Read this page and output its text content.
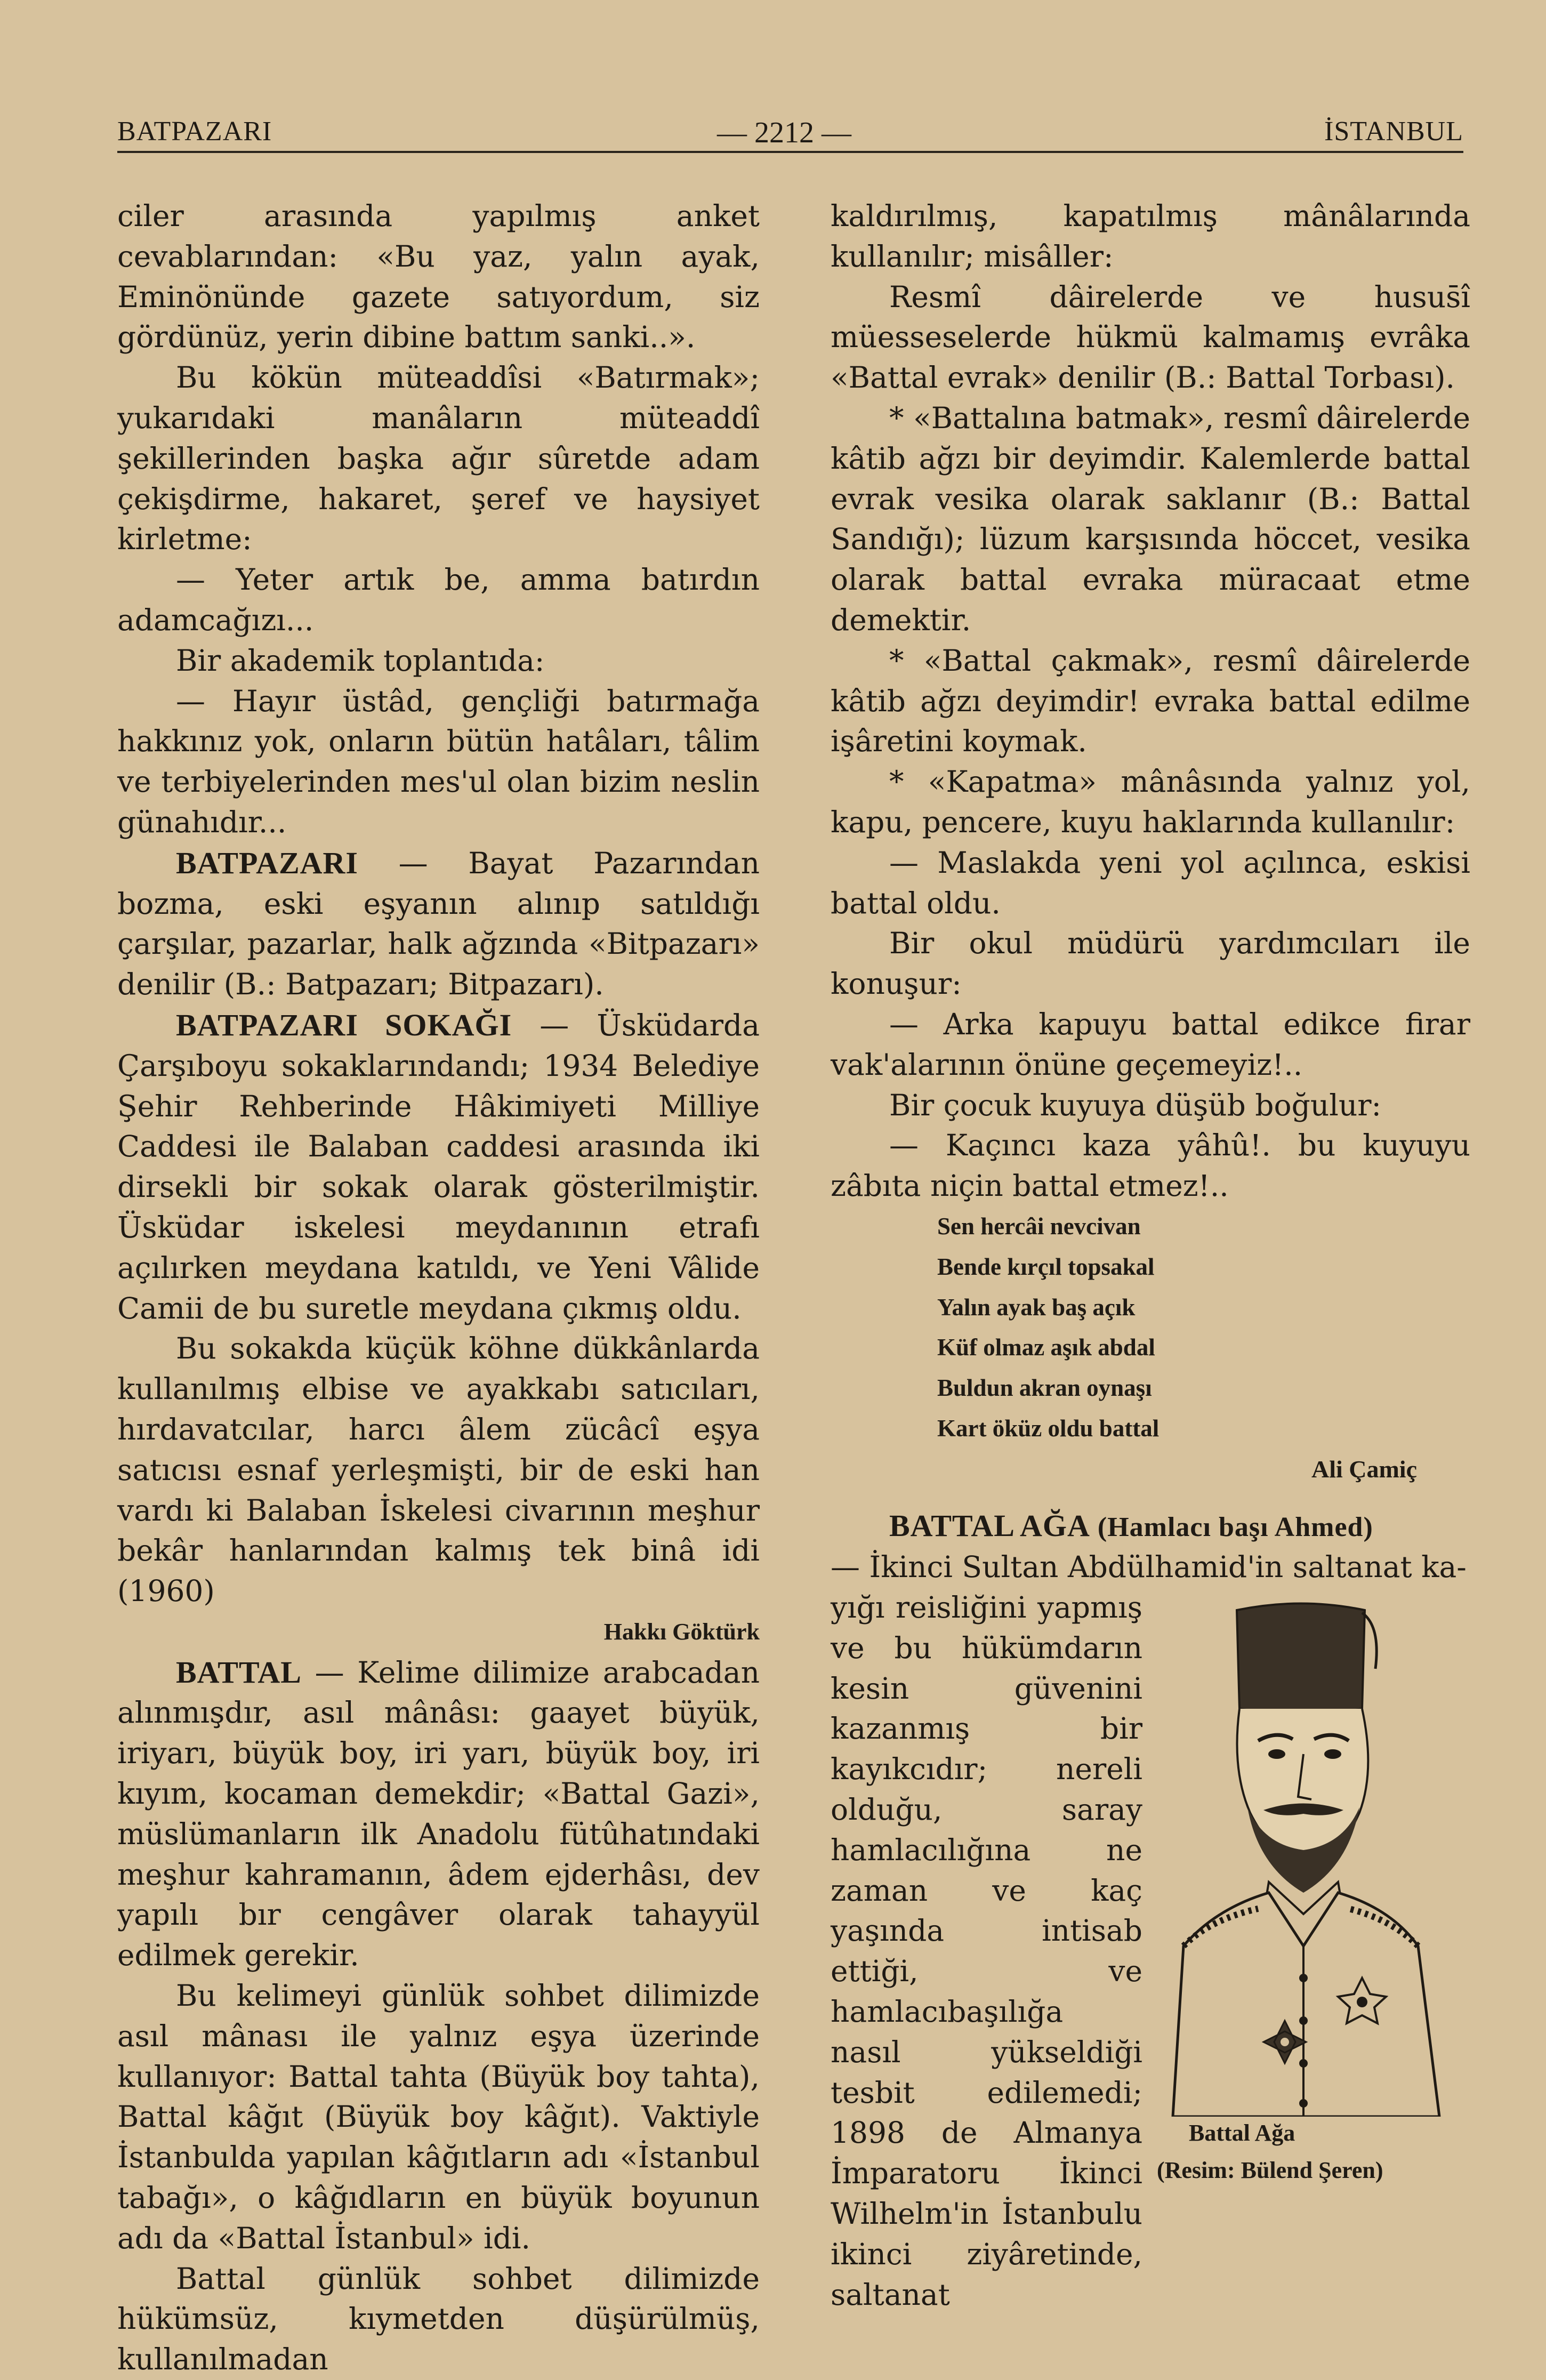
BATPAZARI	— 2212 —	İSTANBUL

ciler arasında yapılmış anket cevablarından: «Bu yaz, yalın ayak, Eminönünde gazete satıyordum, siz gördünüz, yerin dibine battım sanki..».

Bu kökün müteaddîsi «Batırmak»; yukarıdaki manâların müteaddî şekillerinden başka ağır sûretde adam çekişdirme, hakaret, şeref ve haysiyet kirletme:

— Yeter artık be, amma batırdın adamcağızı...

Bir akademik toplantıda:

— Hayır üstâd, gençliği batırmağa hakkınız yok, onların bütün hatâları, tâlim ve terbiyelerinden mes'ul olan bizim neslin günahıdır...

BATPAZARI — Bayat Pazarından bozma, eski eşyanın alınıp satıldığı çarşılar, pazarlar, halk ağzında «Bitpazarı» denilir (B.: Batpazarı; Bitpazarı).

BATPAZARI SOKAĞI — Üsküdarda Çarşıboyu sokaklarındandı; 1934 Belediye Şehir Rehberinde Hâkimiyeti Milliye Caddesi ile Balaban caddesi arasında iki dirsekli bir sokak olarak gösterilmiştir. Üsküdar iskelesi meydanının etrafı açılırken meydana katıldı, ve Yeni Vâlide Camii de bu suretle meydana çıkmış oldu.

Bu sokakda küçük köhne dükkânlarda kullanılmış elbise ve ayakkabı satıcıları, hırdavatcılar, harcı âlem zücâcî eşya satıcısı esnaf yerleşmişti, bir de eski han vardı ki Balaban İskelesi civarının meşhur bekâr hanlarından kalmış tek binâ idi (1960)

Hakkı Göktürk

BATTAL — Kelime dilimize arabcadan alınmışdır, asıl mânâsı: gaayet büyük, iriyarı, büyük boy, iri yarı, büyük boy, iri kıyım, kocaman demekdir; «Battal Gazi», müslümanların ilk Anadolu fütûhatındaki meşhur kahramanın, âdem ejderhâsı, dev yapılı bır cengâver olarak tahayyül edilmek gerekir.

Bu kelimeyi günlük sohbet dilimizde asıl mânası ile yalnız eşya üzerinde kullanıyor: Battal tahta (Büyük boy tahta), Battal kâğıt (Büyük boy kâğıt). Vaktiyle İstanbulda yapılan kâğıtların adı «İstanbul tabağı», o kâğıdların en büyük boyunun adı da «Battal İstanbul» idi.

Battal günlük sohbet dilimizde hükümsüz, kıymetden düşürülmüş, kullanılmadan

kaldırılmış, kapatılmış mânâlarında kullanılır; misâller:

Resmî dâirelerde ve husus̄î müesseselerde hükmü kalmamış evrâka «Battal evrak» denilir (B.: Battal Torbası).

* «Battalına batmak», resmî dâirelerde kâtib ağzı bir deyimdir. Kalemlerde battal evrak vesika olarak saklanır (B.: Battal Sandığı); lüzum karşısında höccet, vesika olarak battal evraka müracaat etme demektir.

* «Battal çakmak», resmî dâirelerde kâtib ağzı deyimdir! evraka battal edilme işâretini koymak.

* «Kapatma» mânâsında yalnız yol, kapu, pencere, kuyu haklarında kullanılır:

— Maslakda yeni yol açılınca, eskisi battal oldu.

Bir okul müdürü yardımcıları ile konuşur:

— Arka kapuyu battal edikce firar vak'alarının önüne geçemeyiz!..

Bir çocuk kuyuya düşüb boğulur:

— Kaçıncı kaza yâhû!. bu kuyuyu zâbıta niçin battal etmez!..

Sen hercâi nevcivan
Bende kırçıl topsakal
Yalın ayak baş açık
Küf olmaz aşık abdal
Buldun akran oynaşı
Kart öküz oldu battal

Ali Çamiç

BATTAL AĞA (Hamlacı başı Ahmed)

— İkinci Sultan Abdülhamid'in saltanat ka-

yığı reisliğini yapmış ve bu hükümdarın kesin güvenini kazanmış bir kayıkcıdır; nereli olduğu, saray hamlacılığına ne zaman ve kaç yaşında intisab ettiği, ve hamlacıbaşılığa nasıl yükseldiği tesbit edilemedi; 1898 de Almanya İmparatoru İkinci Wilhelm'in İstanbulu ikinci ziyâretinde, saltanat

Battal Ağa
(Resim: Bülend Şeren)
